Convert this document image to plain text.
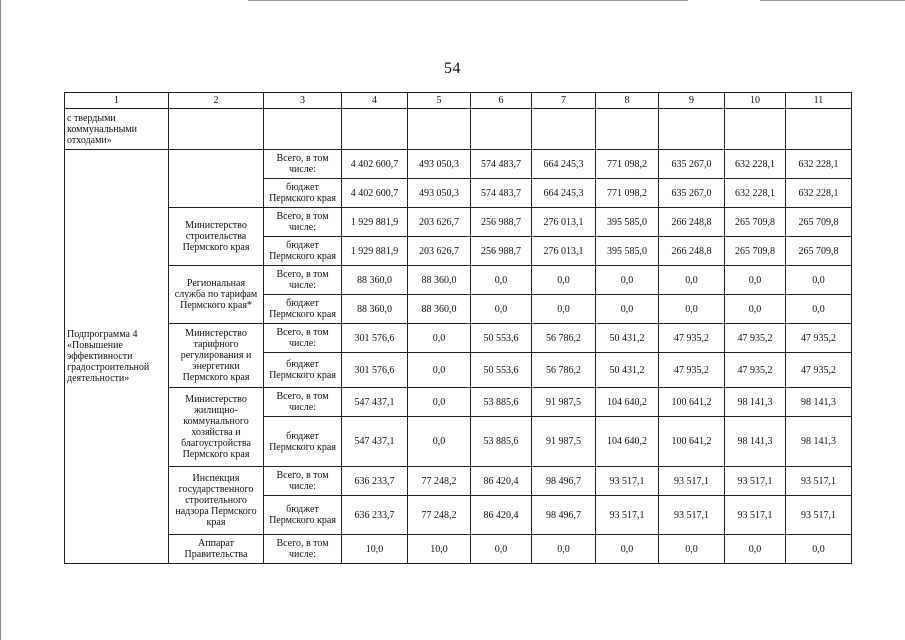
54
1	2	3	4	5	6	7	8	9	10	11
с твердыми коммунальными отходами»										
Подпрограмма 4 «Повышение эффективности градостроительной деятельности»		Всего, в том числе:	4 402 600,7	493 050,3	574 483,7	664 245,3	771 098,2	635 267,0	632 228,1	632 228,1
		бюджет Пермского края	4 402 600,7	493 050,3	574 483,7	664 245,3	771 098,2	635 267,0	632 228,1	632 228,1
	Министерство строительства Пермского края	Всего, в том числе:	1 929 881,9	203 626,7	256 988,7	276 013,1	395 585,0	266 248,8	265 709,8	265 709,8
		бюджет Пермского края	1 929 881,9	203 626,7	256 988,7	276 013,1	395 585,0	266 248,8	265 709,8	265 709,8
	Региональная служба по тарифам Пермского края*	Всего, в том числе:	88 360,0	88 360,0	0,0	0,0	0,0	0,0	0,0	0,0
		бюджет Пермского края	88 360,0	88 360,0	0,0	0,0	0,0	0,0	0,0	0,0
	Министерство тарифного регулирования и энергетики Пермского края	Всего, в том числе:	301 576,6	0,0	50 553,6	56 786,2	50 431,2	47 935,2	47 935,2	47 935,2
		бюджет Пермского края	301 576,6	0,0	50 553,6	56 786,2	50 431,2	47 935,2	47 935,2	47 935,2
	Министерство жилищно-коммунального хозяйства и благоустройства Пермского края	Всего, в том числе:	547 437,1	0,0	53 885,6	91 987,5	104 640,2	100 641,2	98 141,3	98 141,3
		бюджет Пермского края	547 437,1	0,0	53 885,6	91 987,5	104 640,2	100 641,2	98 141,3	98 141,3
	Инспекция государственного строительного надзора Пермского края	Всего, в том числе:	636 233,7	77 248,2	86 420,4	98 496,7	93 517,1	93 517,1	93 517,1	93 517,1
		бюджет Пермского края	636 233,7	77 248,2	86 420,4	98 496,7	93 517,1	93 517,1	93 517,1	93 517,1
	Аппарат Правительства	Всего, в том числе:	10,0	10,0	0,0	0,0	0,0	0,0	0,0	0,0
